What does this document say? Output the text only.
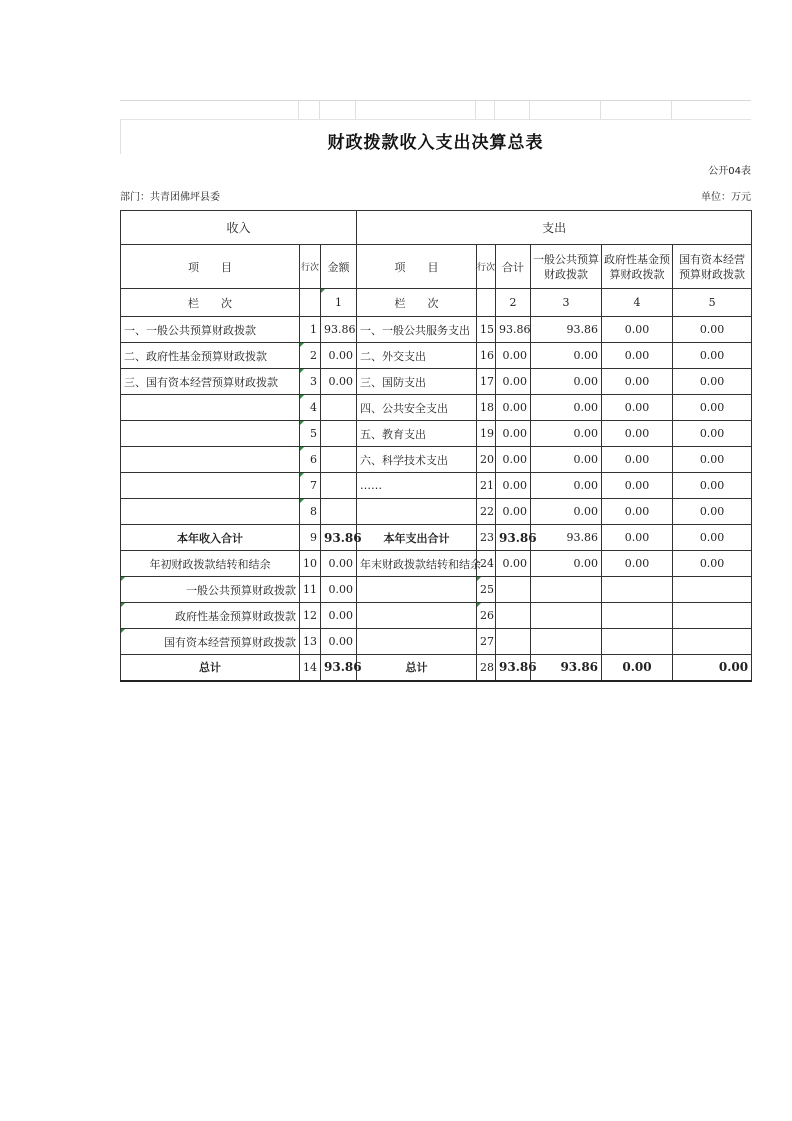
财政拨款收入支出决算总表
公开04表
部门：共青团佛坪县委	单位：万元
收入			支出					
项　　目	行次	金额	项　　目	行次	合计	一般公共预算财政拨款	政府性基金预算财政拨款	国有资本经营预算财政拨款
栏　　次		1	栏　　次		2	3	4	5
一、一般公共预算财政拨款	1	93.86	一、一般公共服务支出	15	93.86	93.86	0.00	0.00
二、政府性基金预算财政拨款	2	0.00	二、外交支出	16	0.00	0.00	0.00	0.00
三、国有资本经营预算财政拨款	3	0.00	三、国防支出	17	0.00	0.00	0.00	0.00
	4		四、公共安全支出	18	0.00	0.00	0.00	0.00
	5		五、教育支出	19	0.00	0.00	0.00	0.00
	6		六、科学技术支出	20	0.00	0.00	0.00	0.00
	7		……	21	0.00	0.00	0.00	0.00
	8			22	0.00	0.00	0.00	0.00
本年收入合计	9	93.86	本年支出合计	23	93.86	93.86	0.00	0.00
年初财政拨款结转和结余	10	0.00	年末财政拨款结转和结余	24	0.00	0.00	0.00	0.00
一般公共预算财政拨款	11	0.00		25

政府性基金预算财政拨款	12	0.00		26

国有资本经营预算财政拨款	13	0.00		27				
总计	14	93.86	总计	28	93.86	93.86	0.00	0.00
